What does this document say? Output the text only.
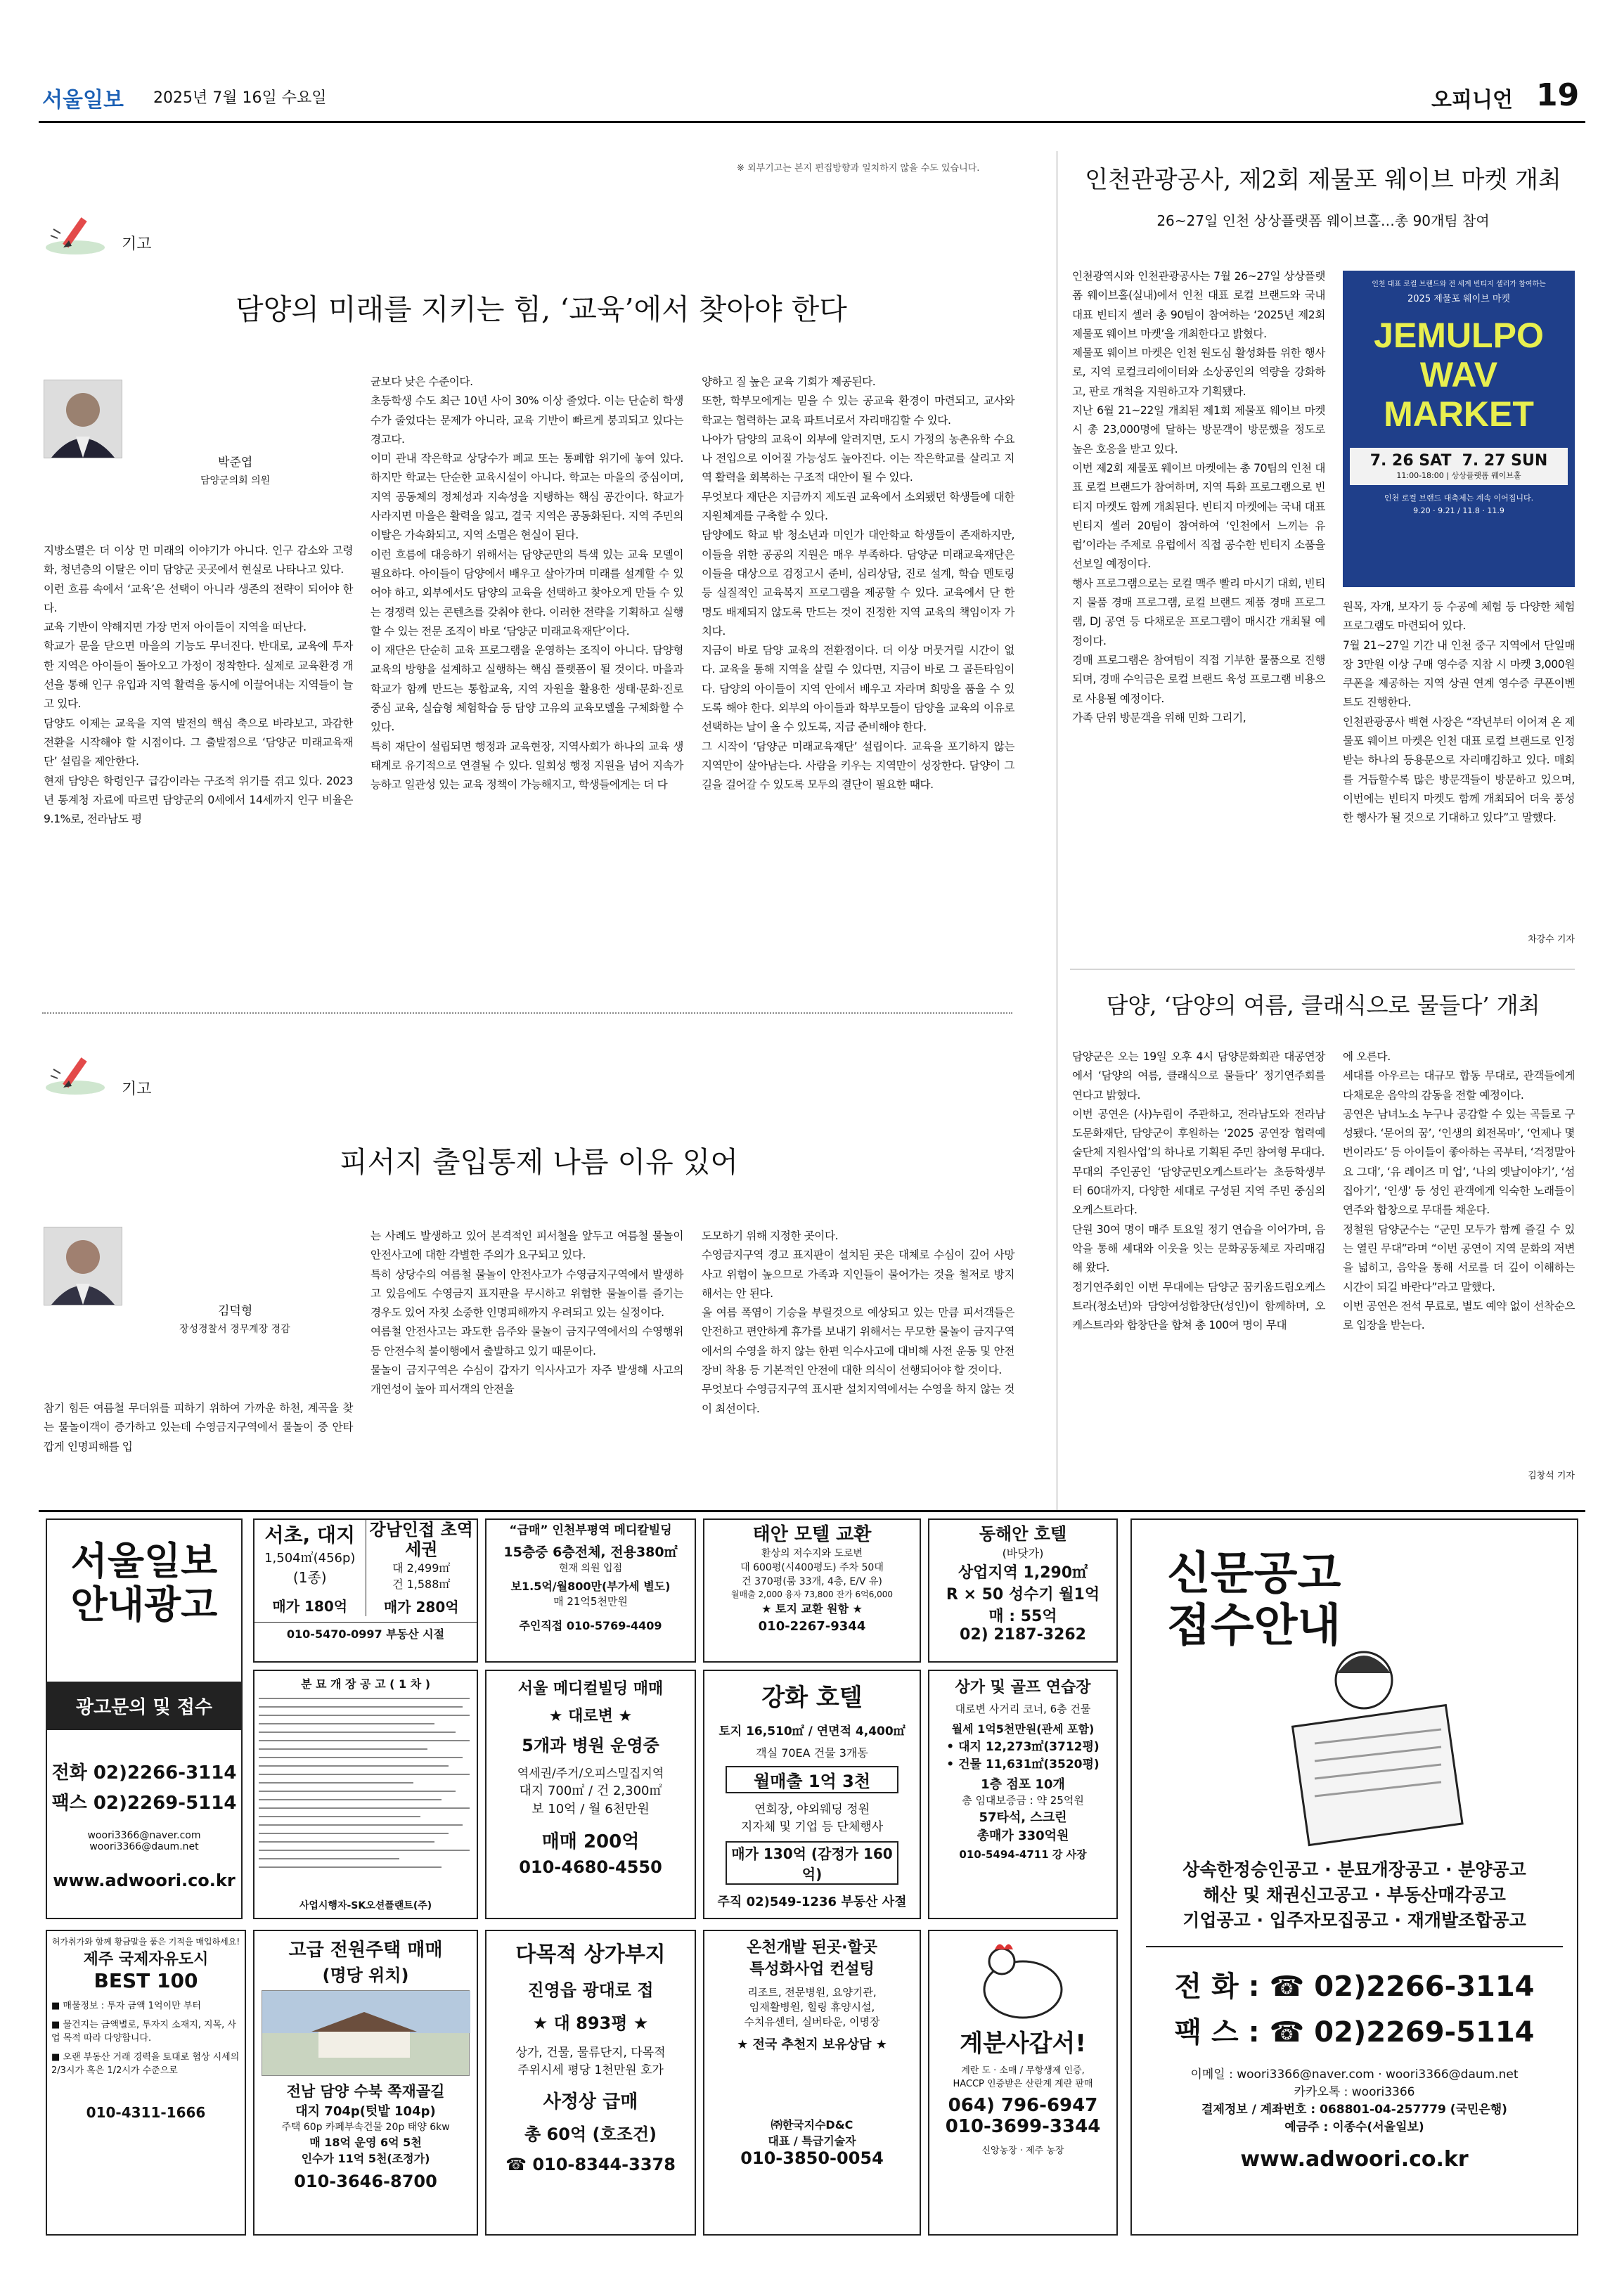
서울일보 2025년 7월 16일 수요일	오피니언 19
※ 외부기고는 본지 편집방향과 일치하지 않을 수도 있습니다.
기고
담양의 미래를 지키는 힘, ‘교육’에서 찾아야 한다
박준엽
담양군의회 의원
지방소멸은 더 이상 먼 미래의 이야기가 아니다. 인구 감소와 고령화, 청년층의 이탈은 이미 담양군 곳곳에서 현실로 나타나고 있다.
이런 흐름 속에서 ‘교육’은 선택이 아니라 생존의 전략이 되어야 한다.
교육 기반이 약해지면 가장 먼저 아이들이 지역을 떠난다.
학교가 문을 닫으면 마을의 기능도 무너진다. 반대로, 교육에 투자한 지역은 아이들이 돌아오고 가정이 정착한다. 실제로 교육환경 개선을 통해 인구 유입과 지역 활력을 동시에 이끌어내는 지역들이 늘고 있다.
담양도 이제는 교육을 지역 발전의 핵심 축으로 바라보고, 과감한 전환을 시작해야 할 시점이다. 그 출발점으로 ‘담양군 미래교육재단’ 설립을 제안한다.
현재 담양은 학령인구 급감이라는 구조적 위기를 겪고 있다. 2023년 통계청 자료에 따르면 담양군의 0세에서 14세까지 인구 비율은 9.1%로, 전라남도 평
균보다 낮은 수준이다.
초등학생 수도 최근 10년 사이 30% 이상 줄었다. 이는 단순히 학생 수가 줄었다는 문제가 아니라, 교육 기반이 빠르게 붕괴되고 있다는 경고다.
이미 관내 작은학교 상당수가 폐교 또는 통폐합 위기에 놓여 있다. 하지만 학교는 단순한 교육시설이 아니다. 학교는 마을의 중심이며, 지역 공동체의 정체성과 지속성을 지탱하는 핵심 공간이다. 학교가 사라지면 마을은 활력을 잃고, 결국 지역은 공동화된다. 지역 주민의 이탈은 가속화되고, 지역 소멸은 현실이 된다.
이런 흐름에 대응하기 위해서는 담양군만의 특색 있는 교육 모델이 필요하다. 아이들이 담양에서 배우고 살아가며 미래를 설계할 수 있어야 하고, 외부에서도 담양의 교육을 선택하고 찾아오게 만들 수 있는 경쟁력 있는 콘텐츠를 갖춰야 한다. 이러한 전략을 기획하고 실행할 수 있는 전문 조직이 바로 ‘담양군 미래교육재단’이다.
이 재단은 단순히 교육 프로그램을 운영하는 조직이 아니다. 담양형 교육의 방향을 설계하고 실행하는 핵심 플랫폼이 될 것이다. 마을과 학교가 함께 만드는 통합교육, 지역 자원을 활용한 생태·문화·진로 중심 교육, 실습형 체험학습 등 담양 고유의 교육모델을 구체화할 수 있다.
특히 재단이 설립되면 행정과 교육현장, 지역사회가 하나의 교육 생태계로 유기적으로 연결될 수 있다. 일회성 행정 지원을 넘어 지속가능하고 일관성 있는 교육 정책이 가능해지고, 학생들에게는 더 다
양하고 질 높은 교육 기회가 제공된다.
또한, 학부모에게는 믿을 수 있는 공교육 환경이 마련되고, 교사와 학교는 협력하는 교육 파트너로서 자리매김할 수 있다.
나아가 담양의 교육이 외부에 알려지면, 도시 가정의 농촌유학 수요나 전입으로 이어질 가능성도 높아진다. 이는 작은학교를 살리고 지역 활력을 회복하는 구조적 대안이 될 수 있다.
무엇보다 재단은 지금까지 제도권 교육에서 소외됐던 학생들에 대한 지원체계를 구축할 수 있다.
담양에도 학교 밖 청소년과 미인가 대안학교 학생들이 존재하지만, 이들을 위한 공공의 지원은 매우 부족하다. 담양군 미래교육재단은 이들을 대상으로 검정고시 준비, 심리상담, 진로 설계, 학습 멘토링 등 실질적인 교육복지 프로그램을 제공할 수 있다. 교육에서 단 한 명도 배제되지 않도록 만드는 것이 진정한 지역 교육의 책임이자 가치다.
지금이 바로 담양 교육의 전환점이다. 더 이상 머뭇거릴 시간이 없다. 교육을 통해 지역을 살릴 수 있다면, 지금이 바로 그 골든타임이다. 담양의 아이들이 지역 안에서 배우고 자라며 희망을 품을 수 있도록 해야 한다. 외부의 아이들과 학부모들이 담양을 교육의 이유로 선택하는 날이 올 수 있도록, 지금 준비해야 한다.
그 시작이 ‘담양군 미래교육재단’ 설립이다. 교육을 포기하지 않는 지역만이 살아남는다. 사람을 키우는 지역만이 성장한다. 담양이 그 길을 걸어갈 수 있도록 모두의 결단이 필요한 때다.
기고
피서지 출입통제 나름 이유 있어
김덕형
장성경찰서 경무계장 경감
참기 힘든 여름철 무더위를 피하기 위하여 가까운 하천, 계곡을 찾는 물놀이객이 증가하고 있는데 수영금지구역에서 물놀이 중 안타깝게 인명피해를 입
는 사례도 발생하고 있어 본격적인 피서철을 앞두고 여름철 물놀이 안전사고에 대한 각별한 주의가 요구되고 있다.
특히 상당수의 여름철 물놀이 안전사고가 수영금지구역에서 발생하고 있음에도 수영금지 표지판을 무시하고 위험한 물놀이를 즐기는 경우도 있어 자칫 소중한 인명피해까지 우려되고 있는 실정이다.
여름철 안전사고는 과도한 음주와 물놀이 금지구역에서의 수영행위 등 안전수칙 불이행에서 출발하고 있기 때문이다.
물놀이 금지구역은 수심이 갑자기 익사사고가 자주 발생해 사고의 개연성이 높아 피서객의 안전을
도모하기 위해 지정한 곳이다.
수영금지구역 경고 표지판이 설치된 곳은 대체로 수심이 깊어 사망사고 위험이 높으므로 가족과 지인들이 물어가는 것을 철저로 방지해서는 안 된다.
올 여름 폭염이 기승을 부릴것으로 예상되고 있는 만큼 피서객들은 안전하고 편안하게 휴가를 보내기 위해서는 무모한 물놀이 금지구역에서의 수영을 하지 않는 한편 익수사고에 대비해 사전 운동 및 안전장비 착용 등 기본적인 안전에 대한 의식이 선행되어야 할 것이다.
무엇보다 수영금지구역 표시판 설치지역에서는 수영을 하지 않는 것이 최선이다.
인천관광공사, 제2회 제물포 웨이브 마켓 개최
26~27일 인천 상상플랫폼 웨이브홀…총 90개팀 참여
인천광역시와 인천관광공사는 7월 26~27일 상상플랫폼 웨이브홀(실내)에서 인천 대표 로컬 브랜드와 국내 대표 빈티지 셀러 총 90팀이 참여하는 ‘2025년 제2회 제물포 웨이브 마켓’을 개최한다고 밝혔다.
제물포 웨이브 마켓은 인천 원도심 활성화를 위한 행사로, 지역 로컬크리에이터와 소상공인의 역량을 강화하고, 판로 개척을 지원하고자 기획됐다.
지난 6월 21~22일 개최된 제1회 제물포 웨이브 마켓 시 총 23,000명에 달하는 방문객이 방문했을 정도로 높은 호응을 받고 있다.
이번 제2회 제물포 웨이브 마켓에는 총 70팀의 인천 대표 로컬 브랜드가 참여하며, 지역 특화 프로그램으로 빈티지 마켓도 함께 개최된다. 빈티지 마켓에는 국내 대표 빈티지 셀러 20팀이 참여하여 ‘인천에서 느끼는 유럽’이라는 주제로 유럽에서 직접 공수한 빈티지 소품을 선보일 예정이다.
행사 프로그램으로는 로컬 맥주 빨리 마시기 대회, 빈티지 물품 경매 프로그램, 로컬 브랜드 제품 경매 프로그램, DJ 공연 등 다채로운 프로그램이 매시간 개최될 예정이다.
경매 프로그램은 참여팀이 직접 기부한 물품으로 진행되며, 경매 수익금은 로컬 브랜드 육성 프로그램 비용으로 사용될 예정이다.
가족 단위 방문객을 위해 민화 그리기,
인천 대표 로컬 브랜드와 전 세계 빈티지 셀러가 참여하는
2025 제물포 웨이브 마켓
JEMULPO
WAV
MARKET
7. 26 SAT 7. 27 SUN
11:00-18:00 | 상상플랫폼 웨이브홀
인천 로컬 브랜드 대축제는 계속 이어집니다.
9.20 · 9.21 / 11.8 · 11.9
원목, 자개, 보자기 등 수공예 체험 등 다양한 체험 프로그램도 마련되어 있다.
7월 21~27일 기간 내 인천 중구 지역에서 단일매장 3만원 이상 구매 영수증 지참 시 마켓 3,000원 쿠폰을 제공하는 지역 상권 연계 영수증 쿠폰이벤트도 진행한다.
인천관광공사 백현 사장은 “작년부터 이어져 온 제물포 웨이브 마켓은 인천 대표 로컬 브랜드로 인정받는 하나의 등용문으로 자리매김하고 있다. 매회를 거듭할수록 많은 방문객들이 방문하고 있으며, 이번에는 빈티지 마켓도 함께 개최되어 더욱 풍성한 행사가 될 것으로 기대하고 있다”고 말했다.
차강수 기자
담양, ‘담양의 여름, 클래식으로 물들다’ 개최
담양군은 오는 19일 오후 4시 담양문화회관 대공연장에서 ‘담양의 여름, 클래식으로 물들다’ 정기연주회를 연다고 밝혔다.
이번 공연은 (사)누림이 주관하고, 전라남도와 전라남도문화재단, 담양군이 후원하는 ‘2025 공연장 협력예술단체 지원사업’의 하나로 기획된 주민 참여형 무대다.
무대의 주인공인 ‘담양군민오케스트라’는 초등학생부터 60대까지, 다양한 세대로 구성된 지역 주민 중심의 오케스트라다.
단원 30여 명이 매주 토요일 정기 연습을 이어가며, 음악을 통해 세대와 이웃을 잇는 문화공동체로 자리매김해 왔다.
정기연주회인 이번 무대에는 담양군 꿈키움드림오케스트라(청소년)와 담양여성합창단(성인)이 함께하며, 오케스트라와 합창단을 합쳐 총 100여 명이 무대
에 오른다.
세대를 아우르는 대규모 합동 무대로, 관객들에게 다채로운 음악의 감동을 전할 예정이다.
공연은 남녀노소 누구나 공감할 수 있는 곡들로 구성됐다. ‘문어의 꿈’, ‘인생의 회전목마’, ‘언제나 몇 번이라도’ 등 아이들이 좋아하는 곡부터, ‘걱정말아요 그대’, ‘유 레이즈 미 업’, ‘나의 옛날이야기’, ‘섬집아기’, ‘인생’ 등 성인 관객에게 익숙한 노래들이 연주와 합창으로 무대를 채운다.
정철원 담양군수는 “군민 모두가 함께 즐길 수 있는 열린 무대”라며 “이번 공연이 지역 문화의 저변을 넓히고, 음악을 통해 서로를 더 깊이 이해하는 시간이 되길 바란다”라고 말했다.
이번 공연은 전석 무료로, 별도 예약 없이 선착순으로 입장을 받는다.
김창석 기자
서울일보
안내광고
광고문의 및 접수
전화 02)2266-3114
팩스 02)2269-5114
woori3366@naver.com
woori3366@daum.net
www.adwoori.co.kr
서초, 대지
1,504㎡(456p)
(1종)
매가 180억
강남인접 초역세권
대 2,499㎡
건 1,588㎡
매가 280억
010-5470-0997 부동산 시절
“급매” 인천부평역 메디칼빌딩
15층중 6층전체, 전용380㎡
현재 의원 입점
보1.5억/월800만(부가세 별도)
매 21억5천만원
주인직접 010-5769-4409
태안 모텔 교환
환상의 저수지와 도로변
대 600평(시400평도) 주차 50대
건 370평(룸 33개, 4층, E/V 유)
월매출 2,000 융자 73,800 잔가 6억6,000
★ 토지 교환 원함 ★
010-2267-9344
동해안 호텔
(바닷가)
상업지역 1,290㎡
R × 50 성수기 월1억
매 : 55억
02) 2187-3262
분 묘 개 장 공 고 ( 1 차 )
사업시행자-SK오션플랜트(주)
서울 메디컬빌딩 매매
★ 대로변 ★
5개과 병원 운영중
역세권/주거/오피스밀집지역
대지 700㎡ / 건 2,300㎡
보 10억 / 월 6천만원
매매 200억
010-4680-4550
강화 호텔
토지 16,510㎡ / 연면적 4,400㎡
객실 70EA 건물 3개동
월매출 1억 3천
연회장, 야외웨딩 정원
지자체 및 기업 등 단체행사
매가 130억 (감정가 160억)
주직 02)549-1236 부동산 사절
상가 및 골프 연습장
대로변 사거리 코너, 6층 건물
월세 1억5천만원(관세 포함)
• 대지 12,273㎡(3712평)
• 건물 11,631㎡(3520평)
1층 점포 10개
총 임대보증금 : 약 25억원
57타석, 스크린
총매가 330억원
010-5494-4711 강 사장
신문공고
접수안내
상속한정승인공고 · 분묘개장공고 · 분양공고
해산 및 채권신고공고 · 부동산매각공고
기업공고 · 입주자모집공고 · 재개발조합공고
전 화 : ☎ 02)2266-3114
팩 스 : ☎ 02)2269-5114
이메일 : woori3366@naver.com · woori3366@daum.net
카카오톡 : woori3366
결제정보 / 계좌번호 : 068801-04-257779 (국민은행)
예금주 : 이종수(서울일보)
www.adwoori.co.kr
허가취가와 함께 황금말을 품은 기적을 매입하세요!
제주 국제자유도시
BEST 100
■ 매물정보 : 투자 금액 1억이만 부터
■ 물건지는 금액별로, 투자지 소재지, 지목, 사업 목적 따라 다양합니다.
■ 오랜 부동산 거래 경력을 토대로 협상 시세의 2/3시가 혹은 1/2시가 수준으로
010-4311-1666
고급 전원주택 매매
(명당 위치)
전남 담양 수북 쪽재골길
대지 704p(텃밭 104p)
주택 60p 카페부속건물 20p 태양 6kw
매 18억 운영 6억 5천
인수가 11억 5천(조정가)
010-3646-8700
다목적 상가부지
진영읍 광대로 접
★ 대 893평 ★
상가, 건물, 물류단지, 다목적
주위시세 평당 1천만원 호가
사정상 급매
총 60억 (호조건)
☎ 010-8344-3378
온천개발 된곳·할곳
특성화사업 컨설팅
리조트, 전문병원, 요양기관,
임재활병원, 힐링 휴양시설,
수치유센터, 실버타운, 이명장
★ 전국 추천지 보유상담 ★
㈜한국지수D&C
대표 / 특급기술자
010-3850-0054
계분사갑서!
계란 도 · 소매 / 무항생제 인증,
HACCP 인증받은 산란계 계란 판매
064) 796-6947
010-3699-3344
신앙농장 · 제주 농장
